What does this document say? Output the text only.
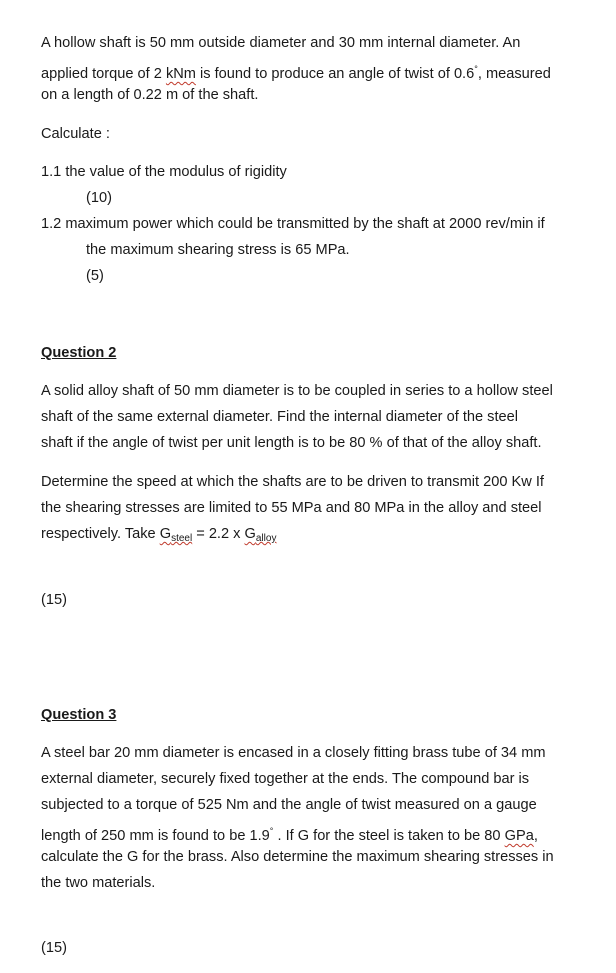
A hollow shaft is 50 mm outside diameter and 30 mm internal diameter. An
applied torque of 2 kNm is found to produce an angle of twist of 0.6°, measured
on a length of 0.22 m of the shaft.
Calculate :
1.1 the value of the modulus of rigidity
(10)
1.2 maximum power which could be transmitted by the shaft at 2000 rev/min if
the maximum shearing stress is 65 MPa.
(5)
Question 2
A solid alloy shaft of 50 mm diameter is to be coupled in series to a hollow steel
shaft of the same external diameter. Find the internal diameter of the steel
shaft if the angle of twist per unit length is to be 80 % of that of the alloy shaft.
Determine the speed at which the shafts are to be driven to transmit 200 Kw If
the shearing stresses are limited to 55 MPa and 80 MPa in the alloy and steel
respectively. Take $G_{steel} = 2.2$ x $G_{alloy}$
(15)
Question 3
A steel bar 20 mm diameter is encased in a closely fitting brass tube of 34 mm
external diameter, securely fixed together at the ends. The compound bar is
subjected to a torque of 525 Nm and the angle of twist measured on a gauge
length of 250 mm is found to be 1.9° . If G for the steel is taken to be 80 GPa,
calculate the G for the brass. Also determine the maximum shearing stresses in
the two materials.
(15)
